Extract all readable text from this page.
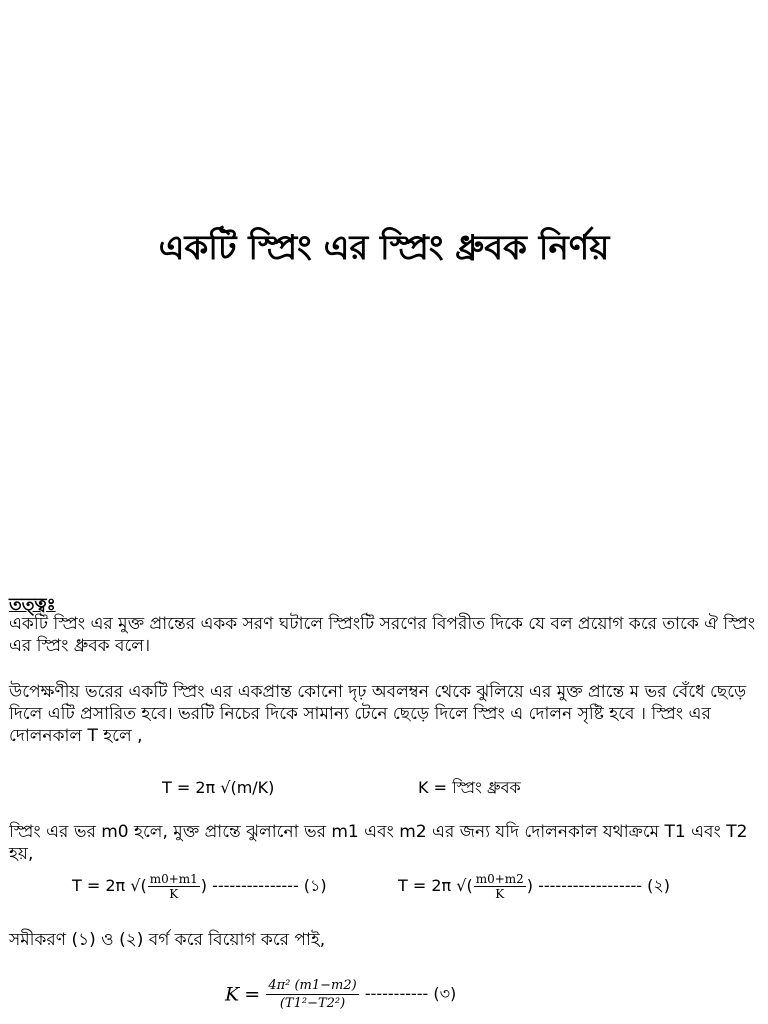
একটি স্প্রিং এর স্প্রিং ধ্রুবক নির্ণয়
তত্ত্বঃ
একটি স্প্রিং এর মুক্ত প্রান্তের একক সরণ ঘটালে স্প্রিংটি সরণের বিপরীত দিকে যে বল প্রয়োগ করে তাকে ঐ স্প্রিং এর স্প্রিং ধ্রুবক বলে।
উপেক্ষণীয় ভরের একটি স্প্রিং এর একপ্রান্ত কোনো দৃঢ় অবলম্বন থেকে ঝুলিয়ে এর মুক্ত প্রান্তে ম ভর বেঁধে ছেড়ে দিলে এটি প্রসারিত হবে। ভরটি নিচের দিকে সামান্য টেনে ছেড়ে দিলে স্প্রিং এ দোলন সৃষ্টি হবে । স্প্রিং এর দোলনকাল T হলে ,
T = 2π √(m/K)	K = স্প্রিং ধ্রুবক
স্প্রিং এর ভর m0 হলে, মুক্ত প্রান্তে ঝুলানো ভর m1 এবং m2 এর জন্য যদি দোলনকাল যথাক্রমে T1 এবং T2 হয়,
T = 2π √( $\frac{m0+m1}{K}$ ) --------------- (১)	T = 2π √( $\frac{m0+m2}{K}$ ) ------------------ (২)
সমীকরণ (১) ও (২) বর্গ করে বিয়োগ করে পাই,
$K = \frac{\text{4π² (m1−m2)}}{\text{(T1²−T2²)}}$ ----------- (৩)
